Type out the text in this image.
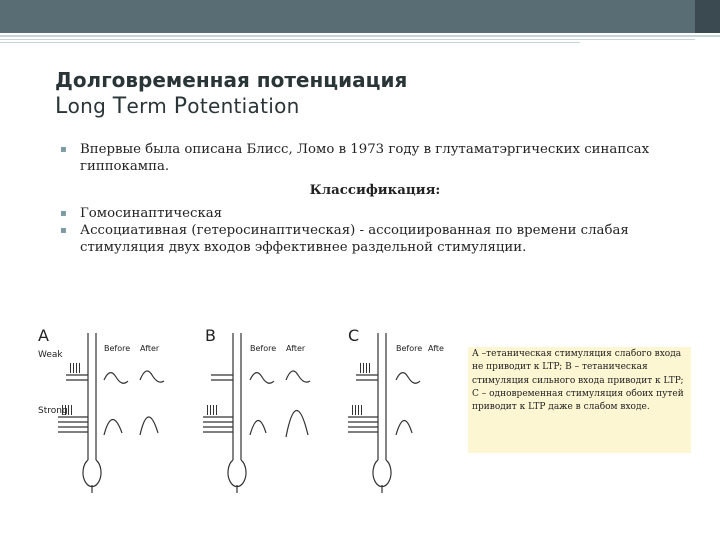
Долговременная потенциация
Long Term Potentiation
▪ Впервые была описана Блисс, Ломо в 1973 году в глутаматэргических синапсах гиппокампа.
Классификация:
▪ Гомосинаптическая
▪ Ассоциативная (гетеросинаптическая) - ассоциированная по времени слабая стимуляция двух входов эффективнее раздельной стимуляции.
A	B	C
Weak
Strong
Before After	Before After	Before Afte
А –тетаническая стимуляция слабого входа не приводит к LTP; В – тетаническая стимуляция сильного входа приводит к LTP; С – одновременная стимуляция обоих путей приводит к LTP даже в слабом входе.
